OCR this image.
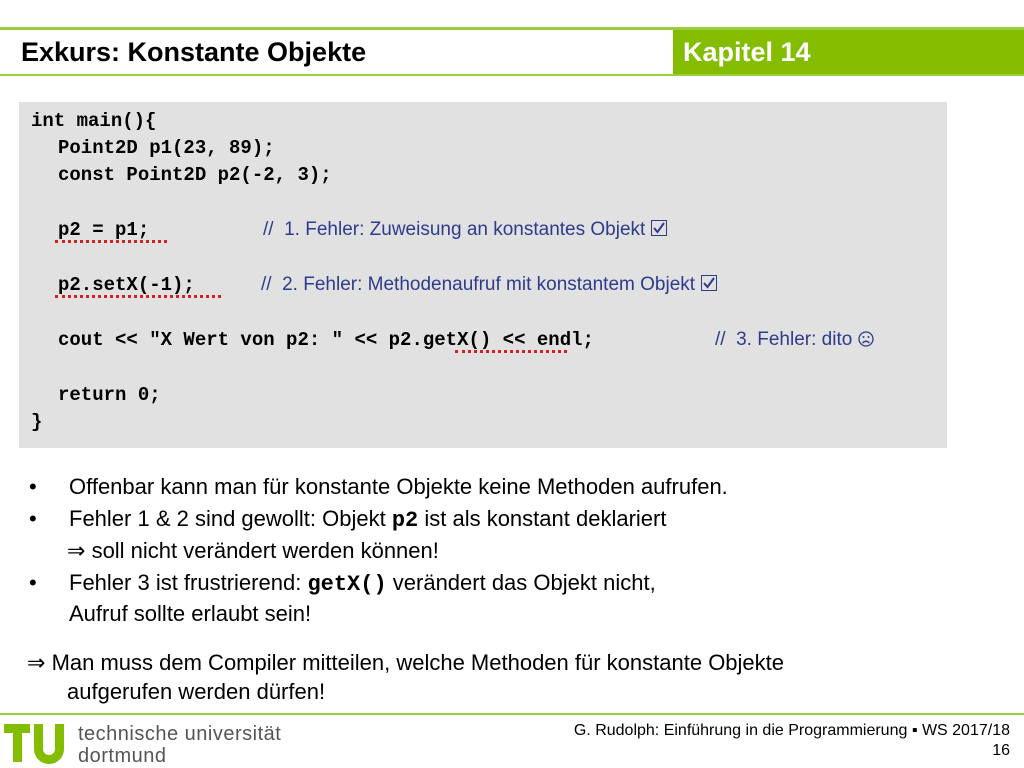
Exkurs: Konstante Objekte	Kapitel 14
int main(){
Point2D p1(23, 89);
const Point2D p2(-2, 3);
p2 = p1;	//  1. Fehler: Zuweisung an konstantes Objekt
p2.setX(-1);	//  2. Fehler: Methodenaufruf mit konstantem Objekt
cout << "X Wert von p2: " << p2.getX() << endl;	//  3. Fehler: dito
return 0;
}
• Offenbar kann man für konstante Objekte keine Methoden aufrufen.
• Fehler 1 & 2 sind gewollt: Objekt p2 ist als konstant deklariert
⇒ soll nicht verändert werden können!
• Fehler 3 ist frustrierend: getX() verändert das Objekt nicht,
Aufruf sollte erlaubt sein!
⇒ Man muss dem Compiler mitteilen, welche Methoden für konstante Objekte
aufgerufen werden dürfen!
technische universität
dortmund
G. Rudolph: Einführung in die Programmierung ▪ WS 2017/18
16
